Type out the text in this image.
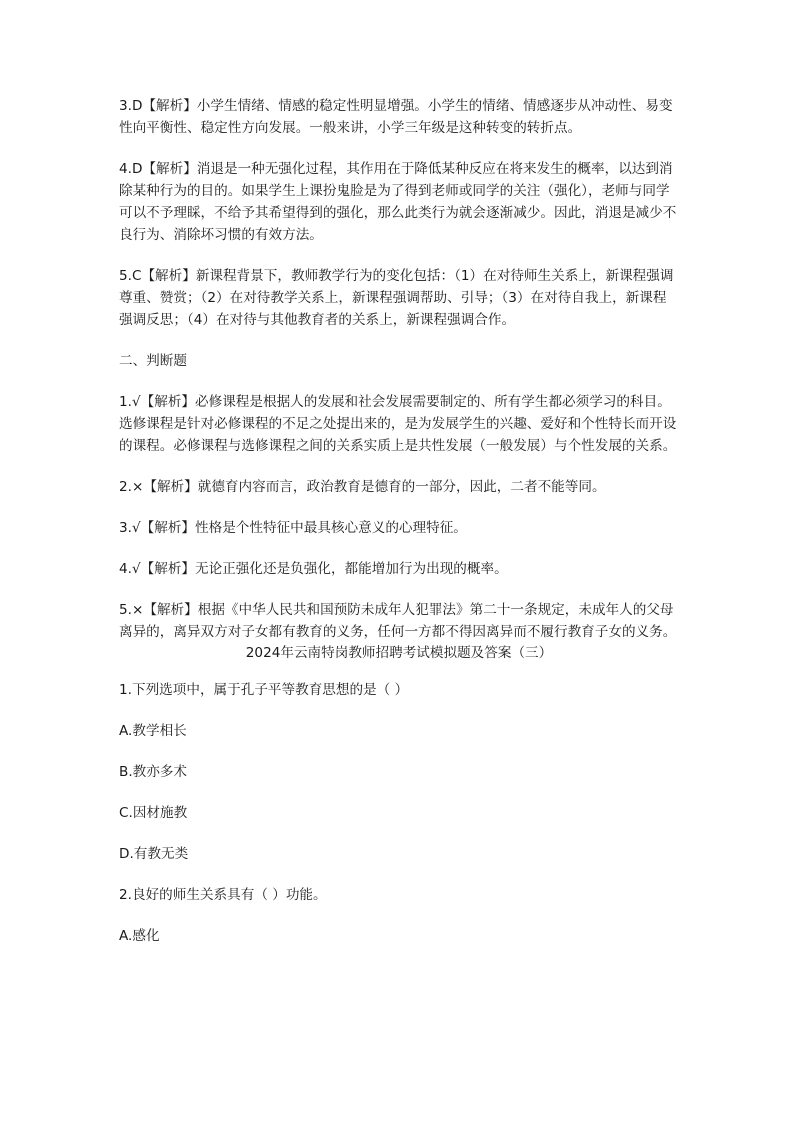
3.D【解析】小学生情绪、情感的稳定性明显增强。小学生的情绪、情感逐步从冲动性、易变性向平衡性、稳定性方向发展。一般来讲，小学三年级是这种转变的转折点。

4.D【解析】消退是一种无强化过程，其作用在于降低某种反应在将来发生的概率，以达到消除某种行为的目的。如果学生上课扮鬼脸是为了得到老师或同学的关注（强化），老师与同学可以不予理睬，不给予其希望得到的强化，那么此类行为就会逐渐减少。因此，消退是减少不良行为、消除坏习惯的有效方法。

5.C【解析】新课程背景下，教师教学行为的变化包括：（1）在对待师生关系上，新课程强调尊重、赞赏；（2）在对待教学关系上，新课程强调帮助、引导；（3）在对待自我上，新课程强调反思；（4）在对待与其他教育者的关系上，新课程强调合作。

二、判断题

1.√【解析】必修课程是根据人的发展和社会发展需要制定的、所有学生都必须学习的科目。选修课程是针对必修课程的不足之处提出来的，是为发展学生的兴趣、爱好和个性特长而开设的课程。必修课程与选修课程之间的关系实质上是共性发展（一般发展）与个性发展的关系。

2.×【解析】就德育内容而言，政治教育是德育的一部分，因此，二者不能等同。

3.√【解析】性格是个性特征中最具核心意义的心理特征。

4.√【解析】无论正强化还是负强化，都能增加行为出现的概率。

5.×【解析】根据《中华人民共和国预防未成年人犯罪法》第二十一条规定，未成年人的父母离异的，离异双方对子女都有教育的义务，任何一方都不得因离异而不履行教育子女的义务。

2024年云南特岗教师招聘考试模拟题及答案（三）

1.下列选项中，属于孔子平等教育思想的是（ ）

A.教学相长

B.教亦多术

C.因材施教

D.有教无类

2.良好的师生关系具有（ ）功能。

A.感化
